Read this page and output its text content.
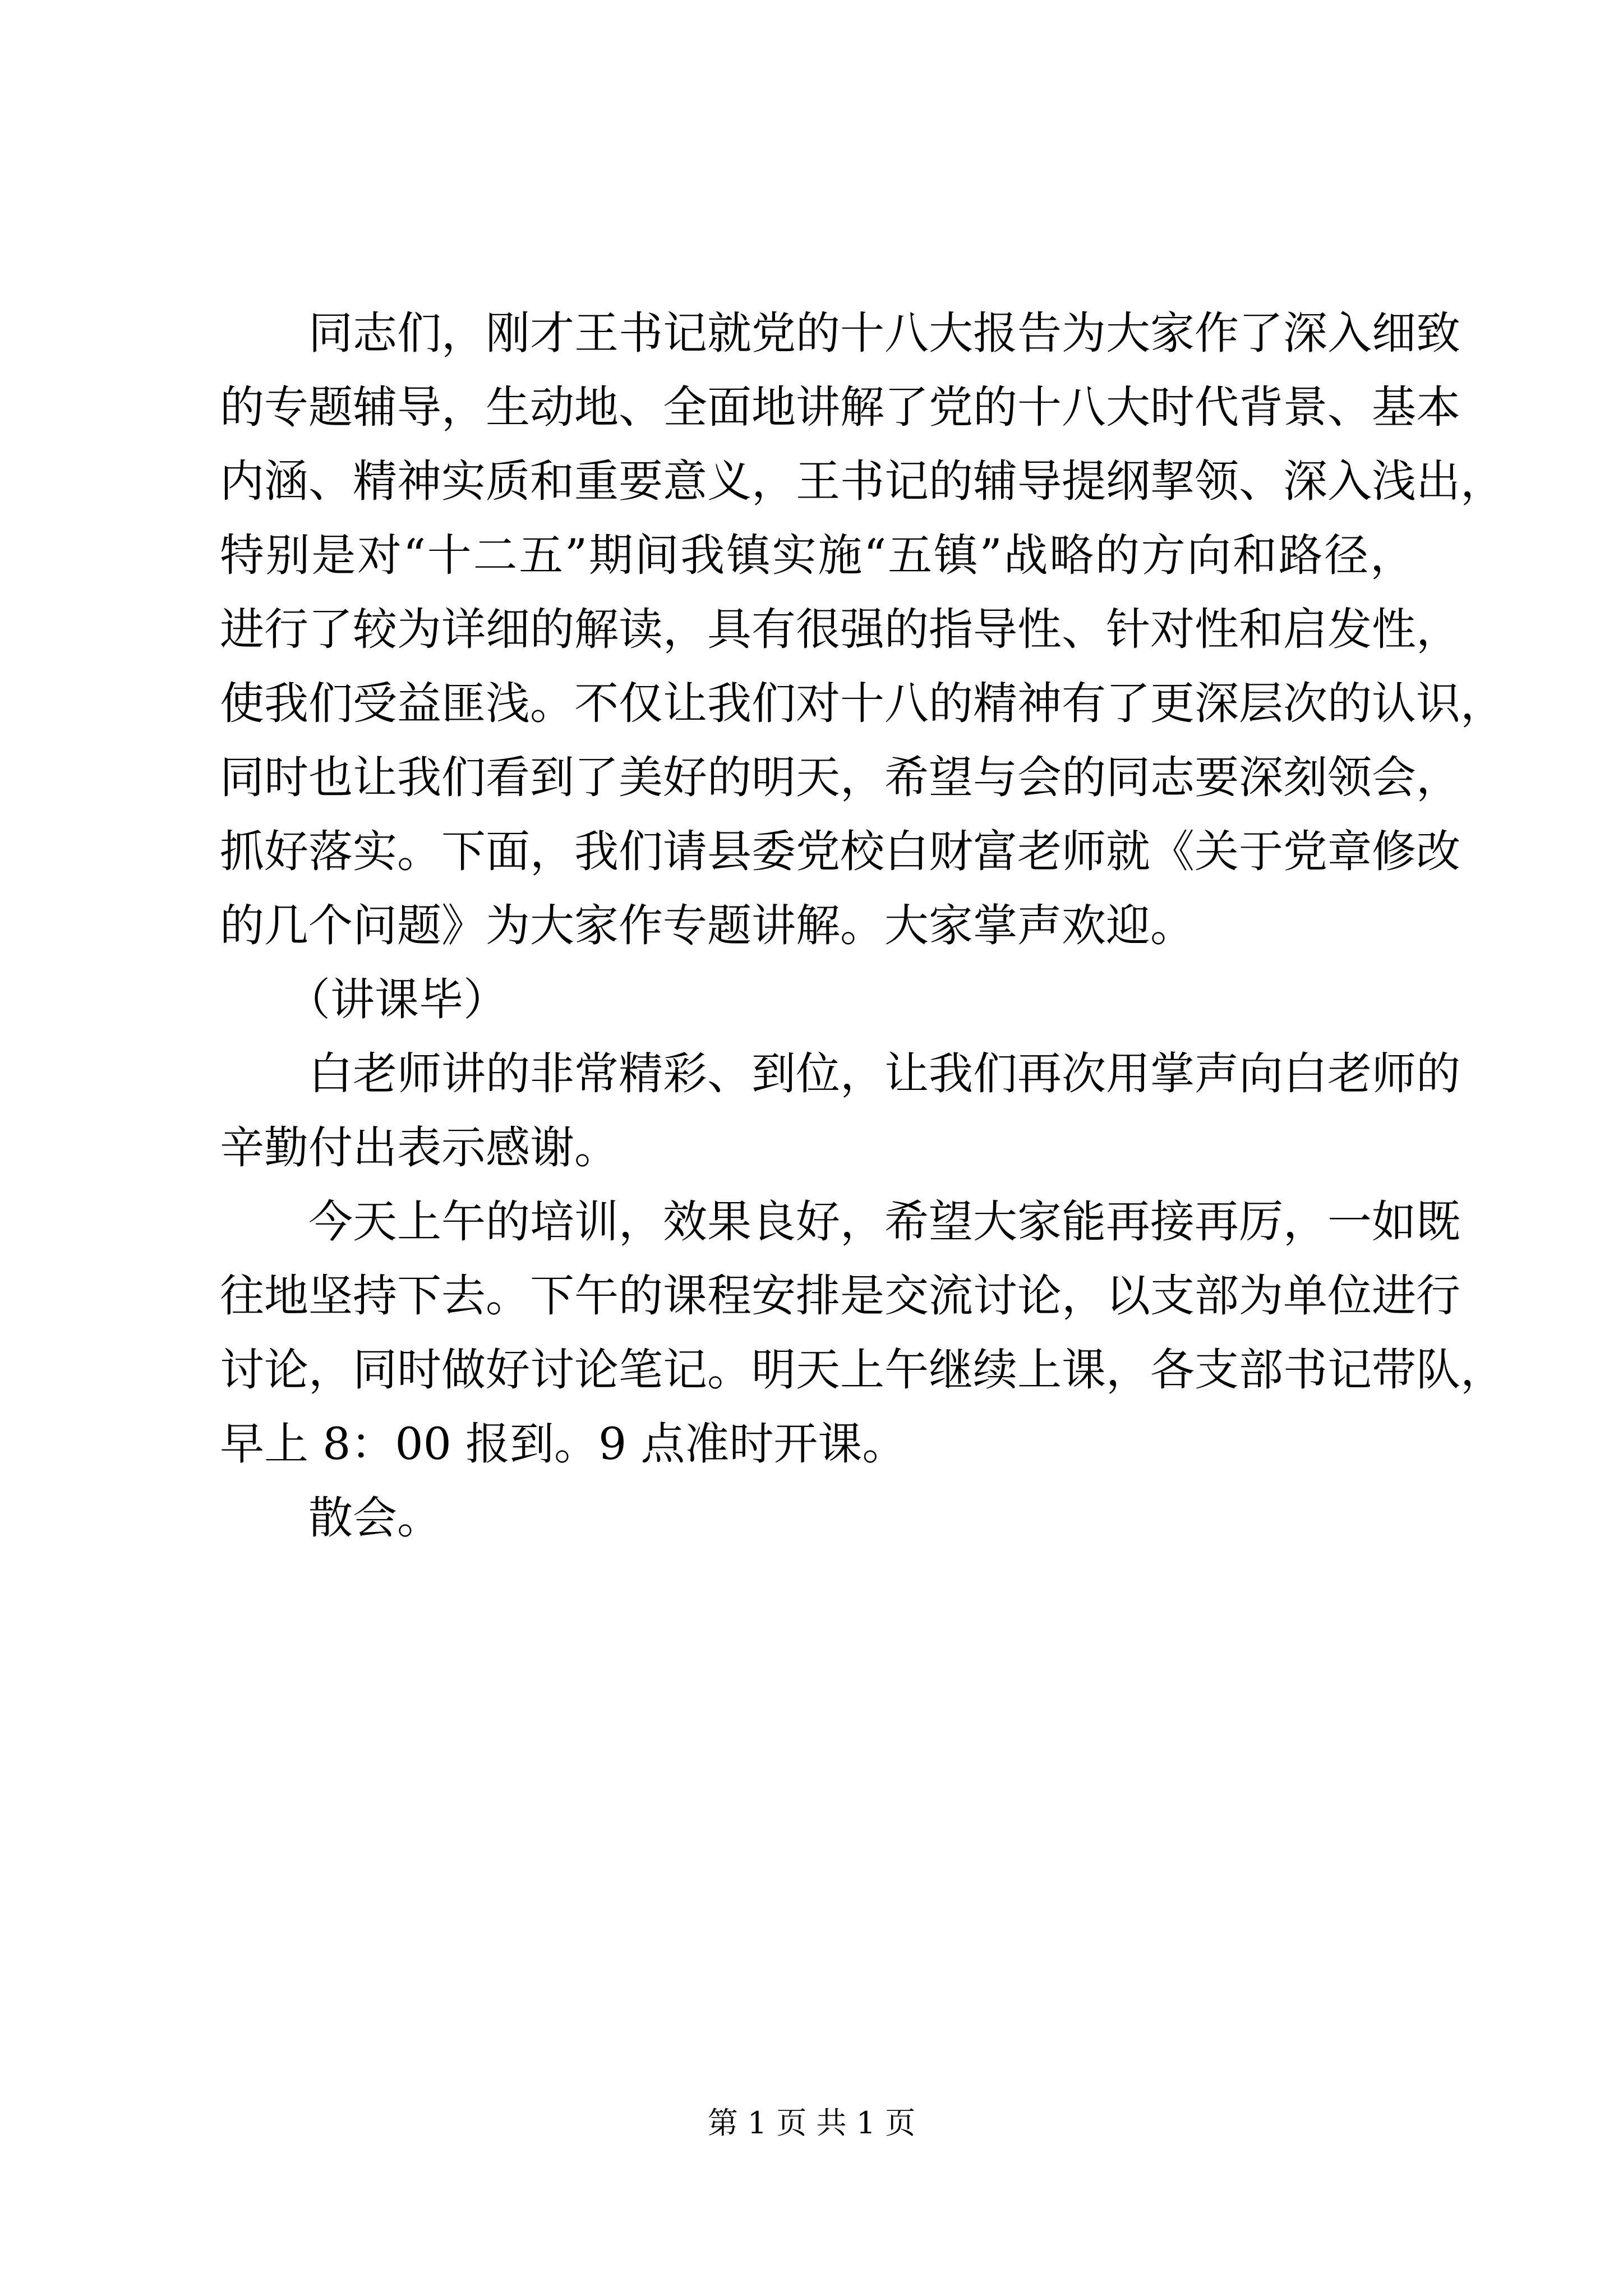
同志们，刚才王书记就党的十八大报告为大家作了深入细致
的专题辅导，生动地、全面地讲解了党的十八大时代背景、基本
内涵、精神实质和重要意义，王书记的辅导提纲挈领、深入浅出，
特别是对“十二五”期间我镇实施“五镇”战略的方向和路径，
进行了较为详细的解读，具有很强的指导性、针对性和启发性，
使我们受益匪浅。不仅让我们对十八的精神有了更深层次的认识，
同时也让我们看到了美好的明天，希望与会的同志要深刻领会，
抓好落实。下面，我们请县委党校白财富老师就《关于党章修改
的几个问题》为大家作专题讲解。大家掌声欢迎。
（讲课毕）
白老师讲的非常精彩、到位，让我们再次用掌声向白老师的
辛勤付出表示感谢。
今天上午的培训，效果良好，希望大家能再接再厉，一如既
往地坚持下去。下午的课程安排是交流讨论，以支部为单位进行
讨论，同时做好讨论笔记。明天上午继续上课，各支部书记带队，
早上 8：00 报到。9 点准时开课。
散会。
第 1 页 共 1 页
